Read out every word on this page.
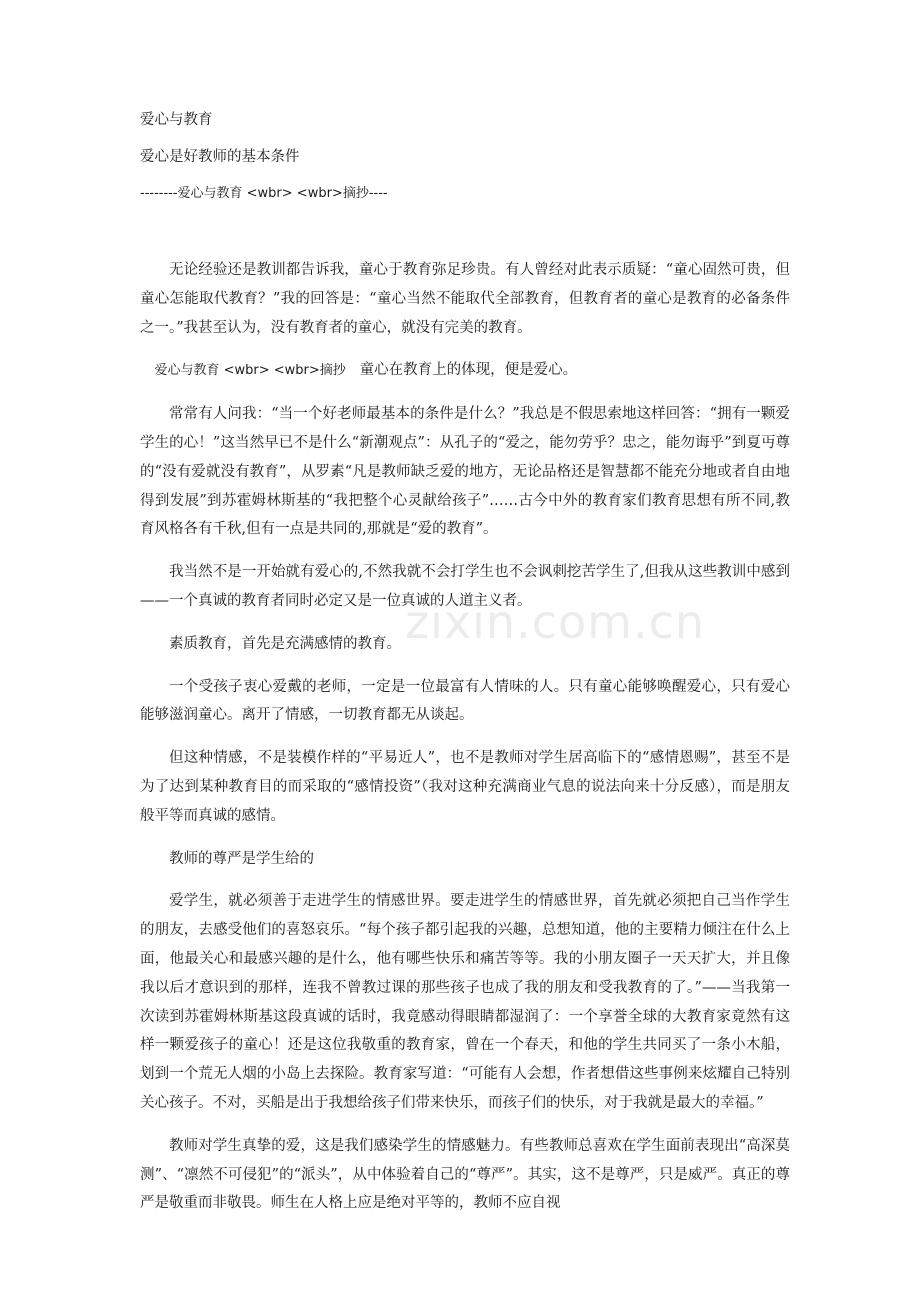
爱心与教育
爱心是好教师的基本条件
--------爱心与教育 <wbr> <wbr>摘抄----

无论经验还是教训都告诉我，童心于教育弥足珍贵。有人曾经对此表示质疑：“童心固然可贵，但童心怎能取代教育？”我的回答是：“童心当然不能取代全部教育，但教育者的童心是教育的必备条件之一。”我甚至认为，没有教育者的童心，就没有完美的教育。

爱心与教育 <wbr> <wbr>摘抄 童心在教育上的体现，便是爱心。

常常有人问我：“当一个好老师最基本的条件是什么？”我总是不假思索地这样回答：“拥有一颗爱学生的心！”这当然早已不是什么“新潮观点”：从孔子的“爱之，能勿劳乎？忠之，能勿诲乎”到夏丏尊的“没有爱就没有教育”，从罗素“凡是教师缺乏爱的地方，无论品格还是智慧都不能充分地或者自由地得到发展”到苏霍姆林斯基的“我把整个心灵献给孩子”……古今中外的教育家们教育思想有所不同,教育风格各有千秋,但有一点是共同的,那就是“爱的教育”。

我当然不是一开始就有爱心的,不然我就不会打学生也不会讽刺挖苦学生了,但我从这些教训中感到——一个真诚的教育者同时必定又是一位真诚的人道主义者。

素质教育，首先是充满感情的教育。

一个受孩子衷心爱戴的老师，一定是一位最富有人情味的人。只有童心能够唤醒爱心，只有爱心能够滋润童心。离开了情感，一切教育都无从谈起。

但这种情感，不是装模作样的“平易近人”，也不是教师对学生居高临下的“感情恩赐”，甚至不是为了达到某种教育目的而采取的“感情投资”（我对这种充满商业气息的说法向来十分反感），而是朋友般平等而真诚的感情。

教师的尊严是学生给的

爱学生，就必须善于走进学生的情感世界。要走进学生的情感世界，首先就必须把自己当作学生的朋友，去感受他们的喜怒哀乐。“每个孩子都引起我的兴趣，总想知道，他的主要精力倾注在什么上面，他最关心和最感兴趣的是什么，他有哪些快乐和痛苦等等。我的小朋友圈子一天天扩大，并且像我以后才意识到的那样，连我不曾教过课的那些孩子也成了我的朋友和受我教育的了。”——当我第一次读到苏霍姆林斯基这段真诚的话时，我竟感动得眼睛都湿润了：一个享誉全球的大教育家竟然有这样一颗爱孩子的童心！还是这位我敬重的教育家，曾在一个春天，和他的学生共同买了一条小木船，划到一个荒无人烟的小岛上去探险。教育家写道：“可能有人会想，作者想借这些事例来炫耀自己特别关心孩子。不对，买船是出于我想给孩子们带来快乐，而孩子们的快乐，对于我就是最大的幸福。”

教师对学生真挚的爱，这是我们感染学生的情感魅力。有些教师总喜欢在学生面前表现出“高深莫测”、“凛然不可侵犯”的“派头”，从中体验着自己的“尊严”。其实，这不是尊严，只是威严。真正的尊严是敬重而非敬畏。师生在人格上应是绝对平等的，教师不应自视

zixin.com.cn
